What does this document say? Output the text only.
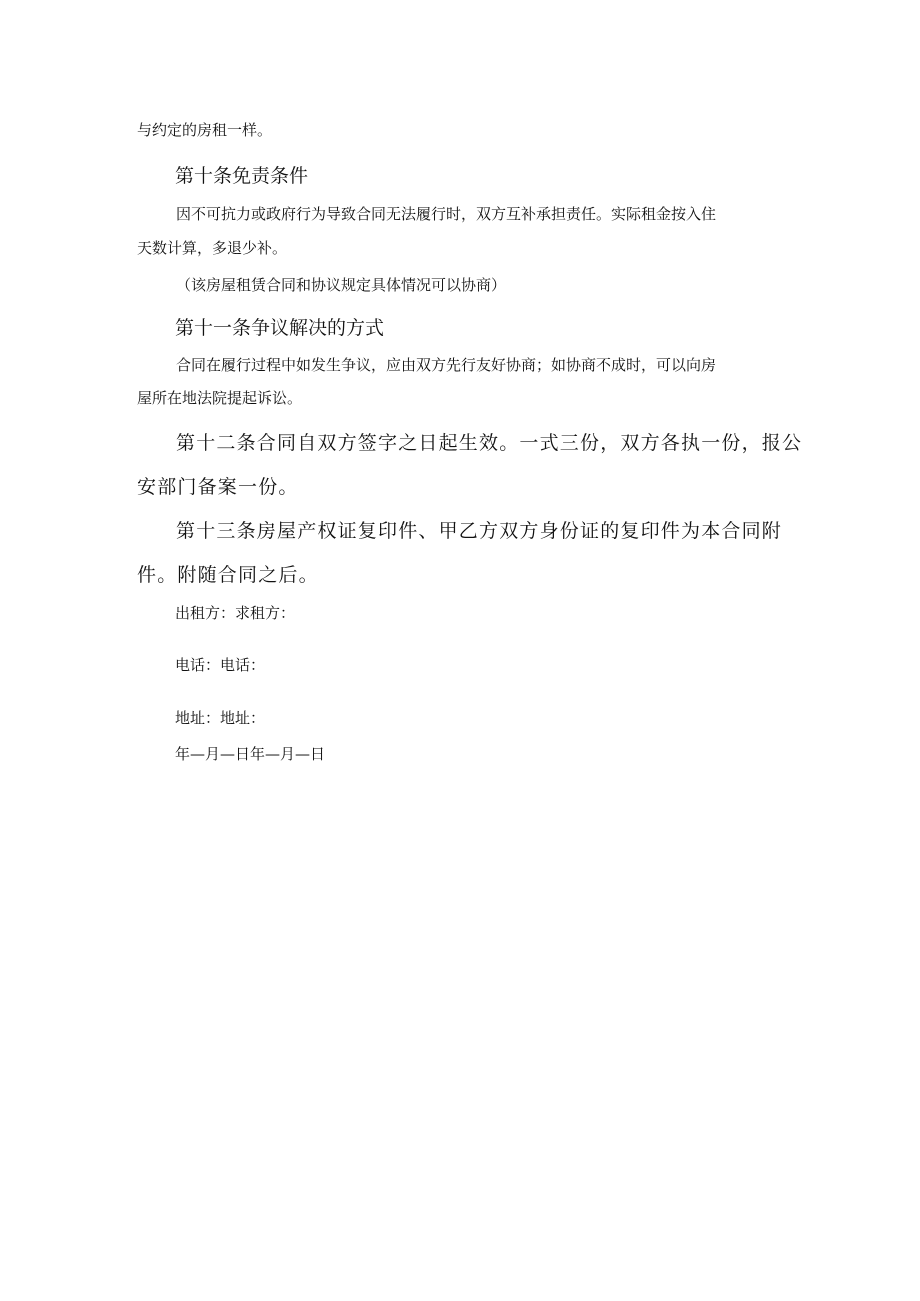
与约定的房租一样。

第十条免责条件

因不可抗力或政府行为导致合同无法履行时，双方互补承担责任。实际租金按入住

天数计算，多退少补。

（该房屋租赁合同和协议规定具体情况可以协商）

第十一条争议解决的方式

合同在履行过程中如发生争议，应由双方先行友好协商；如协商不成时，可以向房

屋所在地法院提起诉讼。

第十二条合同自双方签字之日起生效。一式三份，双方各执一份，报公

安部门备案一份。

第十三条房屋产权证复印件、甲乙方双方身份证的复印件为本合同附

件。附随合同之后。

出租方：求租方：

电话：电话：

地址：地址：

年—月—日年—月—日
